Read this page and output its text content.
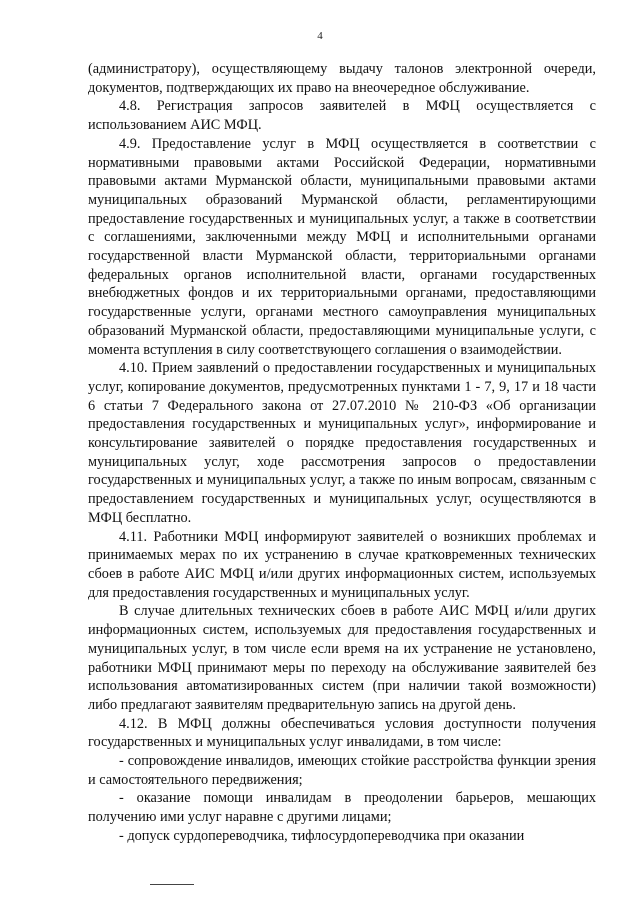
4

(администратору), осуществляющему выдачу талонов электронной очереди, документов, подтверждающих их право на внеочередное обслуживание.

4.8. Регистрация запросов заявителей в МФЦ осуществляется с использованием АИС МФЦ.

4.9. Предоставление услуг в МФЦ осуществляется в соответствии с нормативными правовыми актами Российской Федерации, нормативными правовыми актами Мурманской области, муниципальными правовыми актами муниципальных образований Мурманской области, регламентирующими предоставление государственных и муниципальных услуг, а также в соответствии с соглашениями, заключенными между МФЦ и исполнительными органами государственной власти Мурманской области, территориальными органами федеральных органов исполнительной власти, органами государственных внебюджетных фондов и их территориальными органами, предоставляющими государственные услуги, органами местного самоуправления муниципальных образований Мурманской области, предоставляющими муниципальные услуги, с момента вступления в силу соответствующего соглашения о взаимодействии.

4.10. Прием заявлений о предоставлении государственных и муниципальных услуг, копирование документов, предусмотренных пунктами 1 - 7, 9, 17 и 18 части 6 статьи 7 Федерального закона от 27.07.2010 № 210-ФЗ «Об организации предоставления государственных и муниципальных услуг», информирование и консультирование заявителей о порядке предоставления государственных и муниципальных услуг, ходе рассмотрения запросов о предоставлении государственных и муниципальных услуг, а также по иным вопросам, связанным с предоставлением государственных и муниципальных услуг, осуществляются в МФЦ бесплатно.

4.11. Работники МФЦ информируют заявителей о возникших проблемах и принимаемых мерах по их устранению в случае кратковременных технических сбоев в работе АИС МФЦ и/или других информационных систем, используемых для предоставления государственных и муниципальных услуг.

В случае длительных технических сбоев в работе АИС МФЦ и/или других информационных систем, используемых для предоставления государственных и муниципальных услуг, в том числе если время на их устранение не установлено, работники МФЦ принимают меры по переходу на обслуживание заявителей без использования автоматизированных систем (при наличии такой возможности) либо предлагают заявителям предварительную запись на другой день.

4.12. В МФЦ должны обеспечиваться условия доступности получения государственных и муниципальных услуг инвалидами, в том числе:

- сопровождение инвалидов, имеющих стойкие расстройства функции зрения и самостоятельного передвижения;

- оказание помощи инвалидам в преодолении барьеров, мешающих получению ими услуг наравне с другими лицами;

- допуск сурдопереводчика, тифлосурдопереводчика при оказании
